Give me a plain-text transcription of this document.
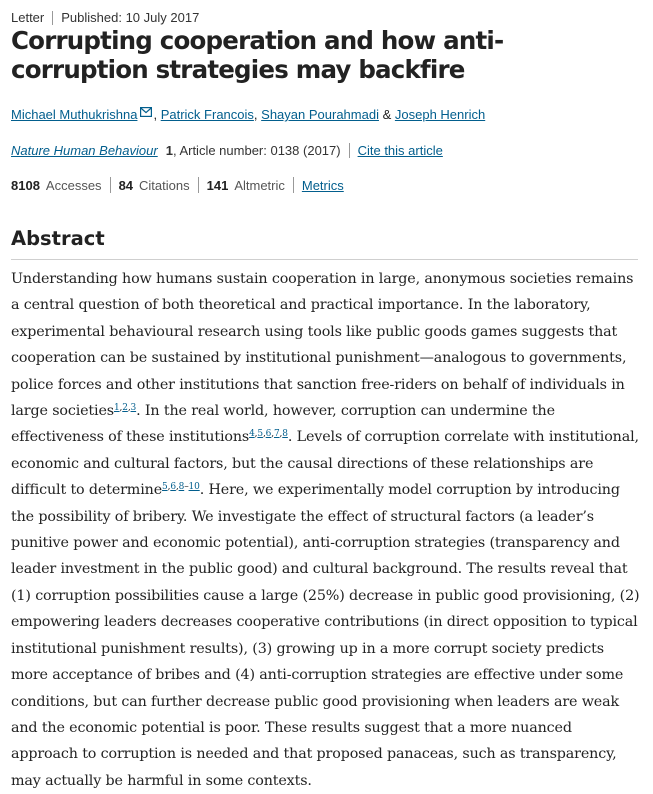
Letter Published: 10 July 2017
Corrupting cooperation and how anti-corruption strategies may backfire
Michael Muthukrishna , Patrick Francois, Shayan Pourahmadi & Joseph Henrich
Nature Human Behaviour 1 , Article number: 0138 (2017) Cite this article
8108 Accesses 84 Citations 141 Altmetric Metrics
Abstract

Understanding how humans sustain cooperation in large, anonymous societies remains a central question of both theoretical and practical importance. In the laboratory, experimental behavioural research using tools like public goods games suggests that cooperation can be sustained by institutional punishment—analogous to governments, police forces and other institutions that sanction free-riders on behalf of individuals in large societies$^{1,2,3}$. In the real world, however, corruption can undermine the effectiveness of these institutions$^{4,5,6,7,8}$. Levels of corruption correlate with institutional, economic and cultural factors, but the causal directions of these relationships are difficult to determine$^{5,6,8-10}$. Here, we experimentally model corruption by introducing the possibility of bribery. We investigate the effect of structural factors (a leader’s punitive power and economic potential), anti-corruption strategies (transparency and leader investment in the public good) and cultural background. The results reveal that (1) corruption possibilities cause a large (25%) decrease in public good provisioning, (2) empowering leaders decreases cooperative contributions (in direct opposition to typical institutional punishment results), (3) growing up in a more corrupt society predicts more acceptance of bribes and (4) anti-corruption strategies are effective under some conditions, but can further decrease public good provisioning when leaders are weak and the economic potential is poor. These results suggest that a more nuanced approach to corruption is needed and that proposed panaceas, such as transparency, may actually be harmful in some contexts.
